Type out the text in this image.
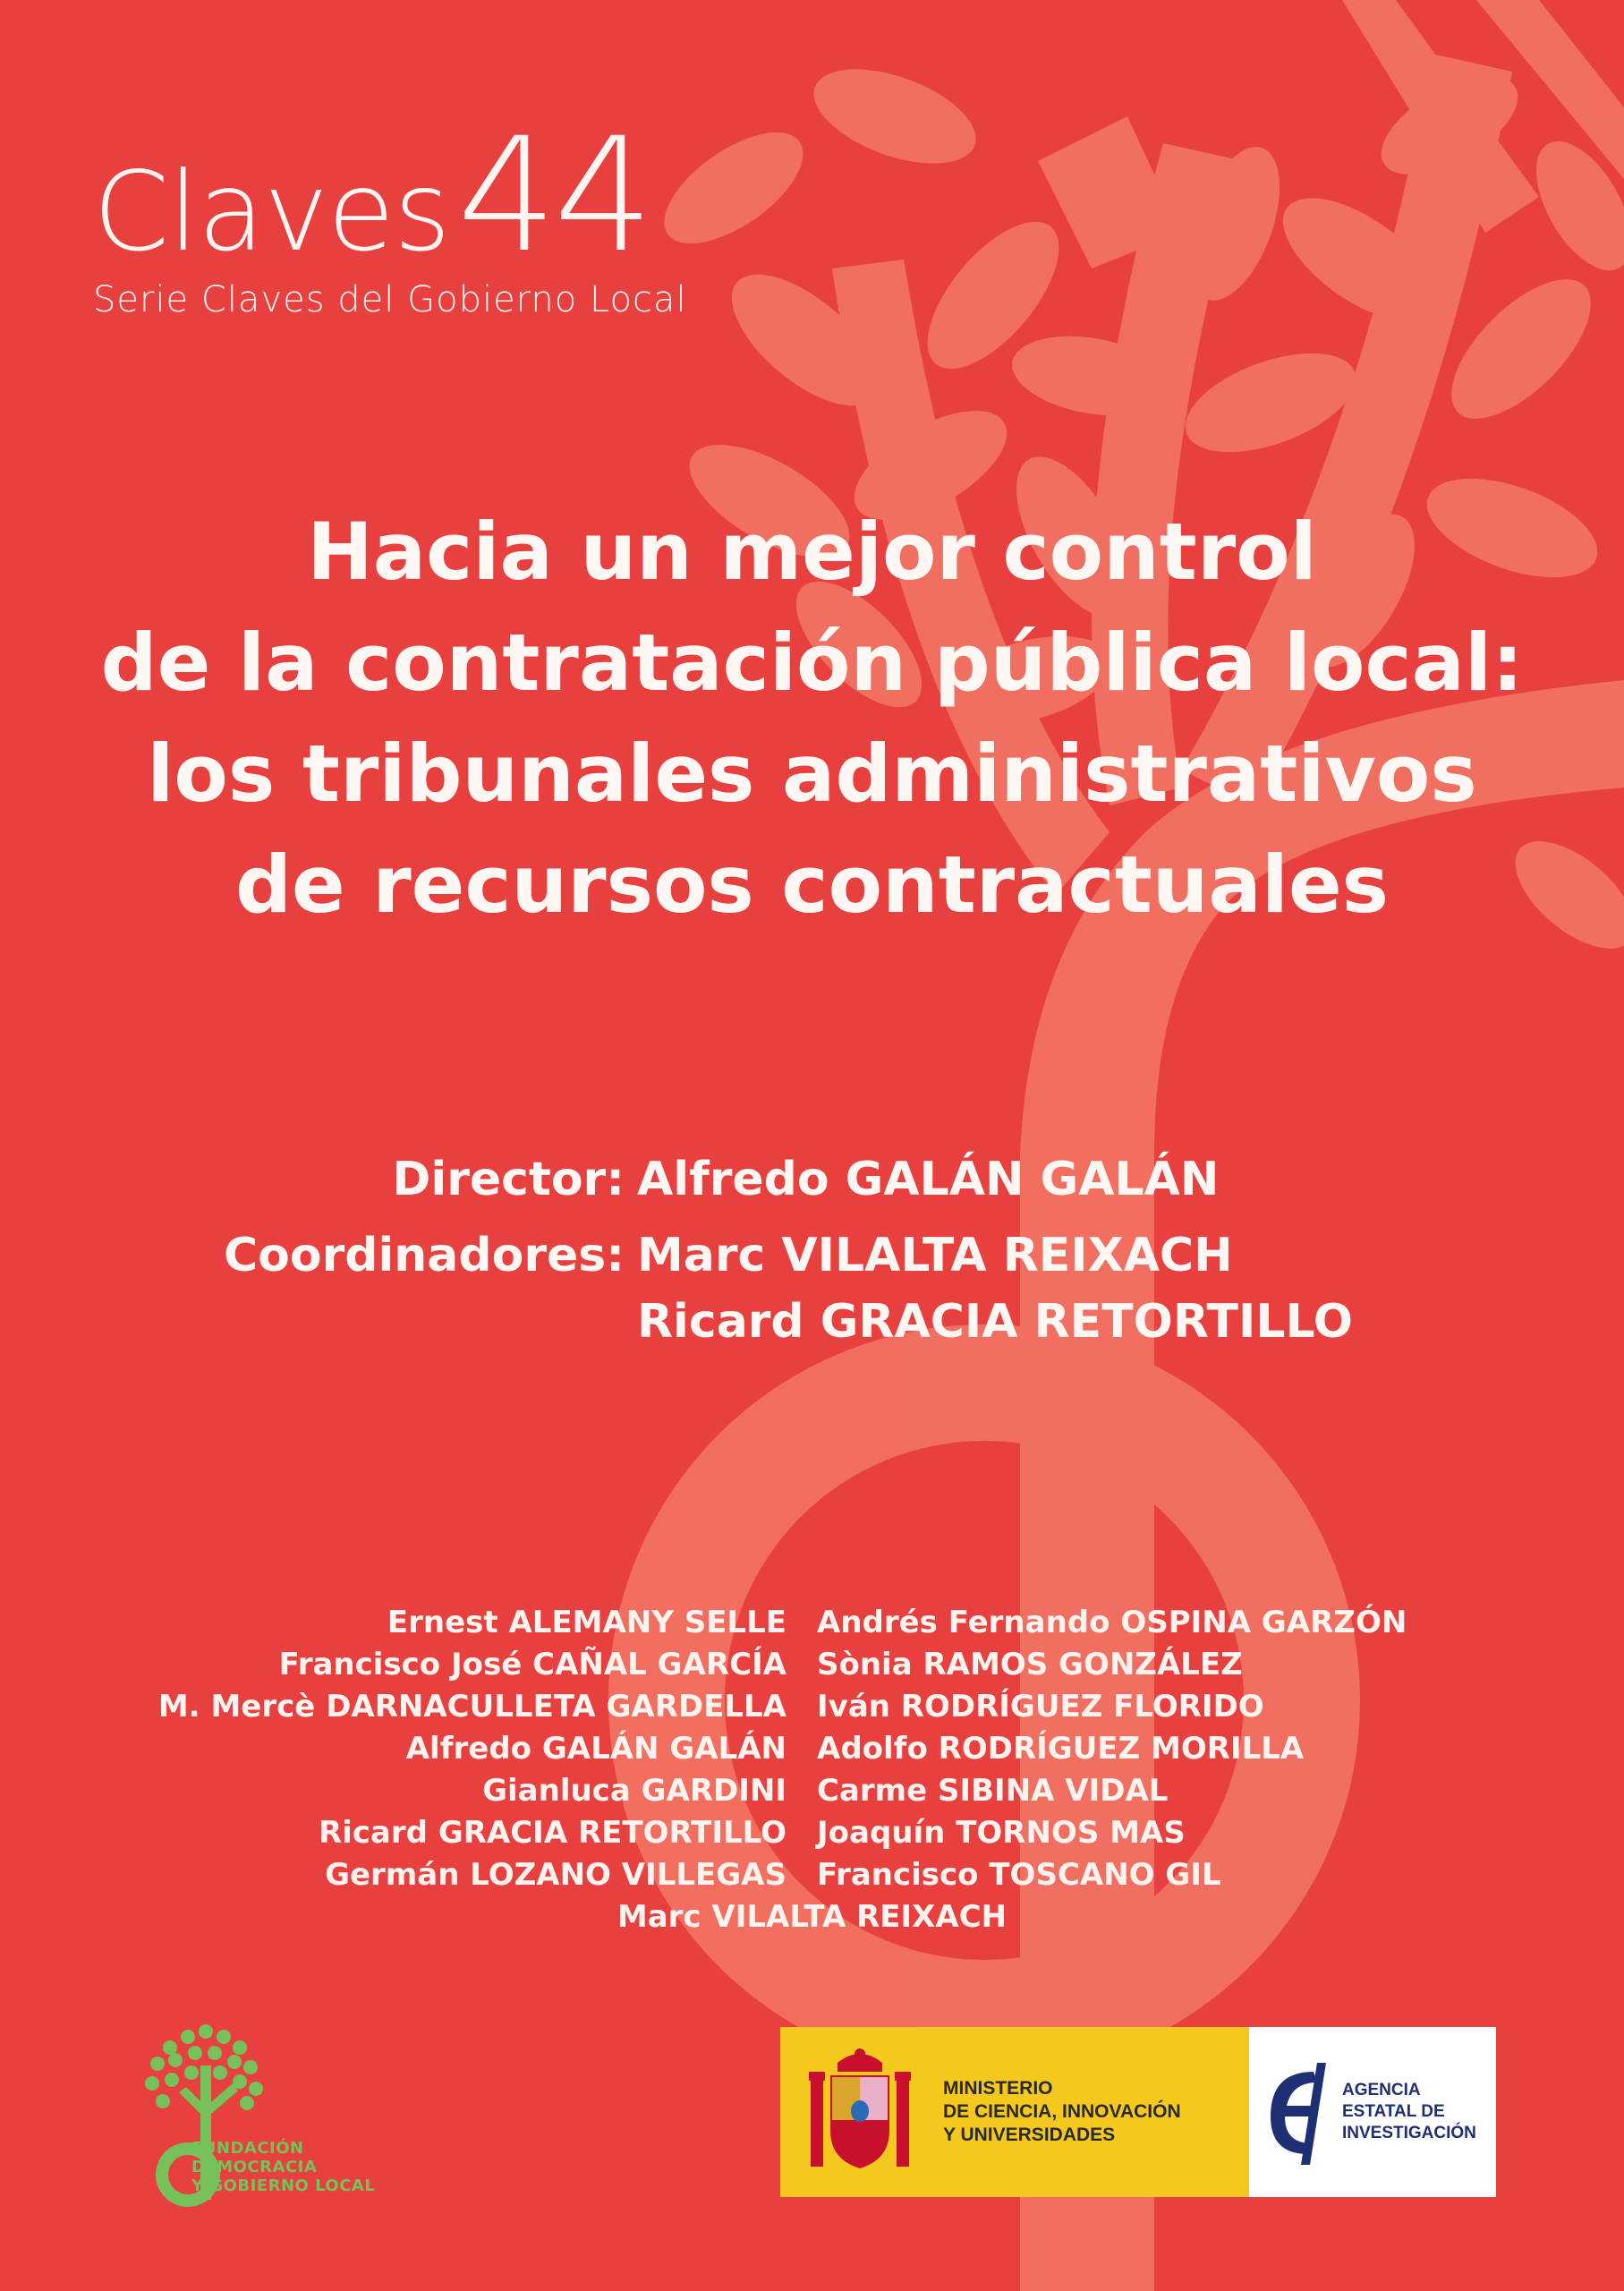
Claves 44
Serie Claves del Gobierno Local
Hacia un mejor control
de la contratación pública local:
los tribunales administrativos
de recursos contractuales
Director: Alfredo GALÁN GALÁN
Coordinadores: Marc VILALTA REIXACH
Ricard GRACIA RETORTILLO
Ernest ALEMANY SELLE
Francisco José CAÑAL GARCÍA
M. Mercè DARNACULLETA GARDELLA
Alfredo GALÁN GALÁN
Gianluca GARDINI
Ricard GRACIA RETORTILLO
Germán LOZANO VILLEGAS
Andrés Fernando OSPINA GARZÓN
Sònia RAMOS GONZÁLEZ
Iván RODRÍGUEZ FLORIDO
Adolfo RODRÍGUEZ MORILLA
Carme SIBINA VIDAL
Joaquín TORNOS MAS
Francisco TOSCANO GIL
Marc VILALTA REIXACH
FUNDACIÓN
DEMOCRACIA
Y GOBIERNO LOCAL
MINISTERIO
DE CIENCIA, INNOVACIÓN
Y UNIVERSIDADES
AGENCIA
ESTATAL DE
INVESTIGACIÓN
